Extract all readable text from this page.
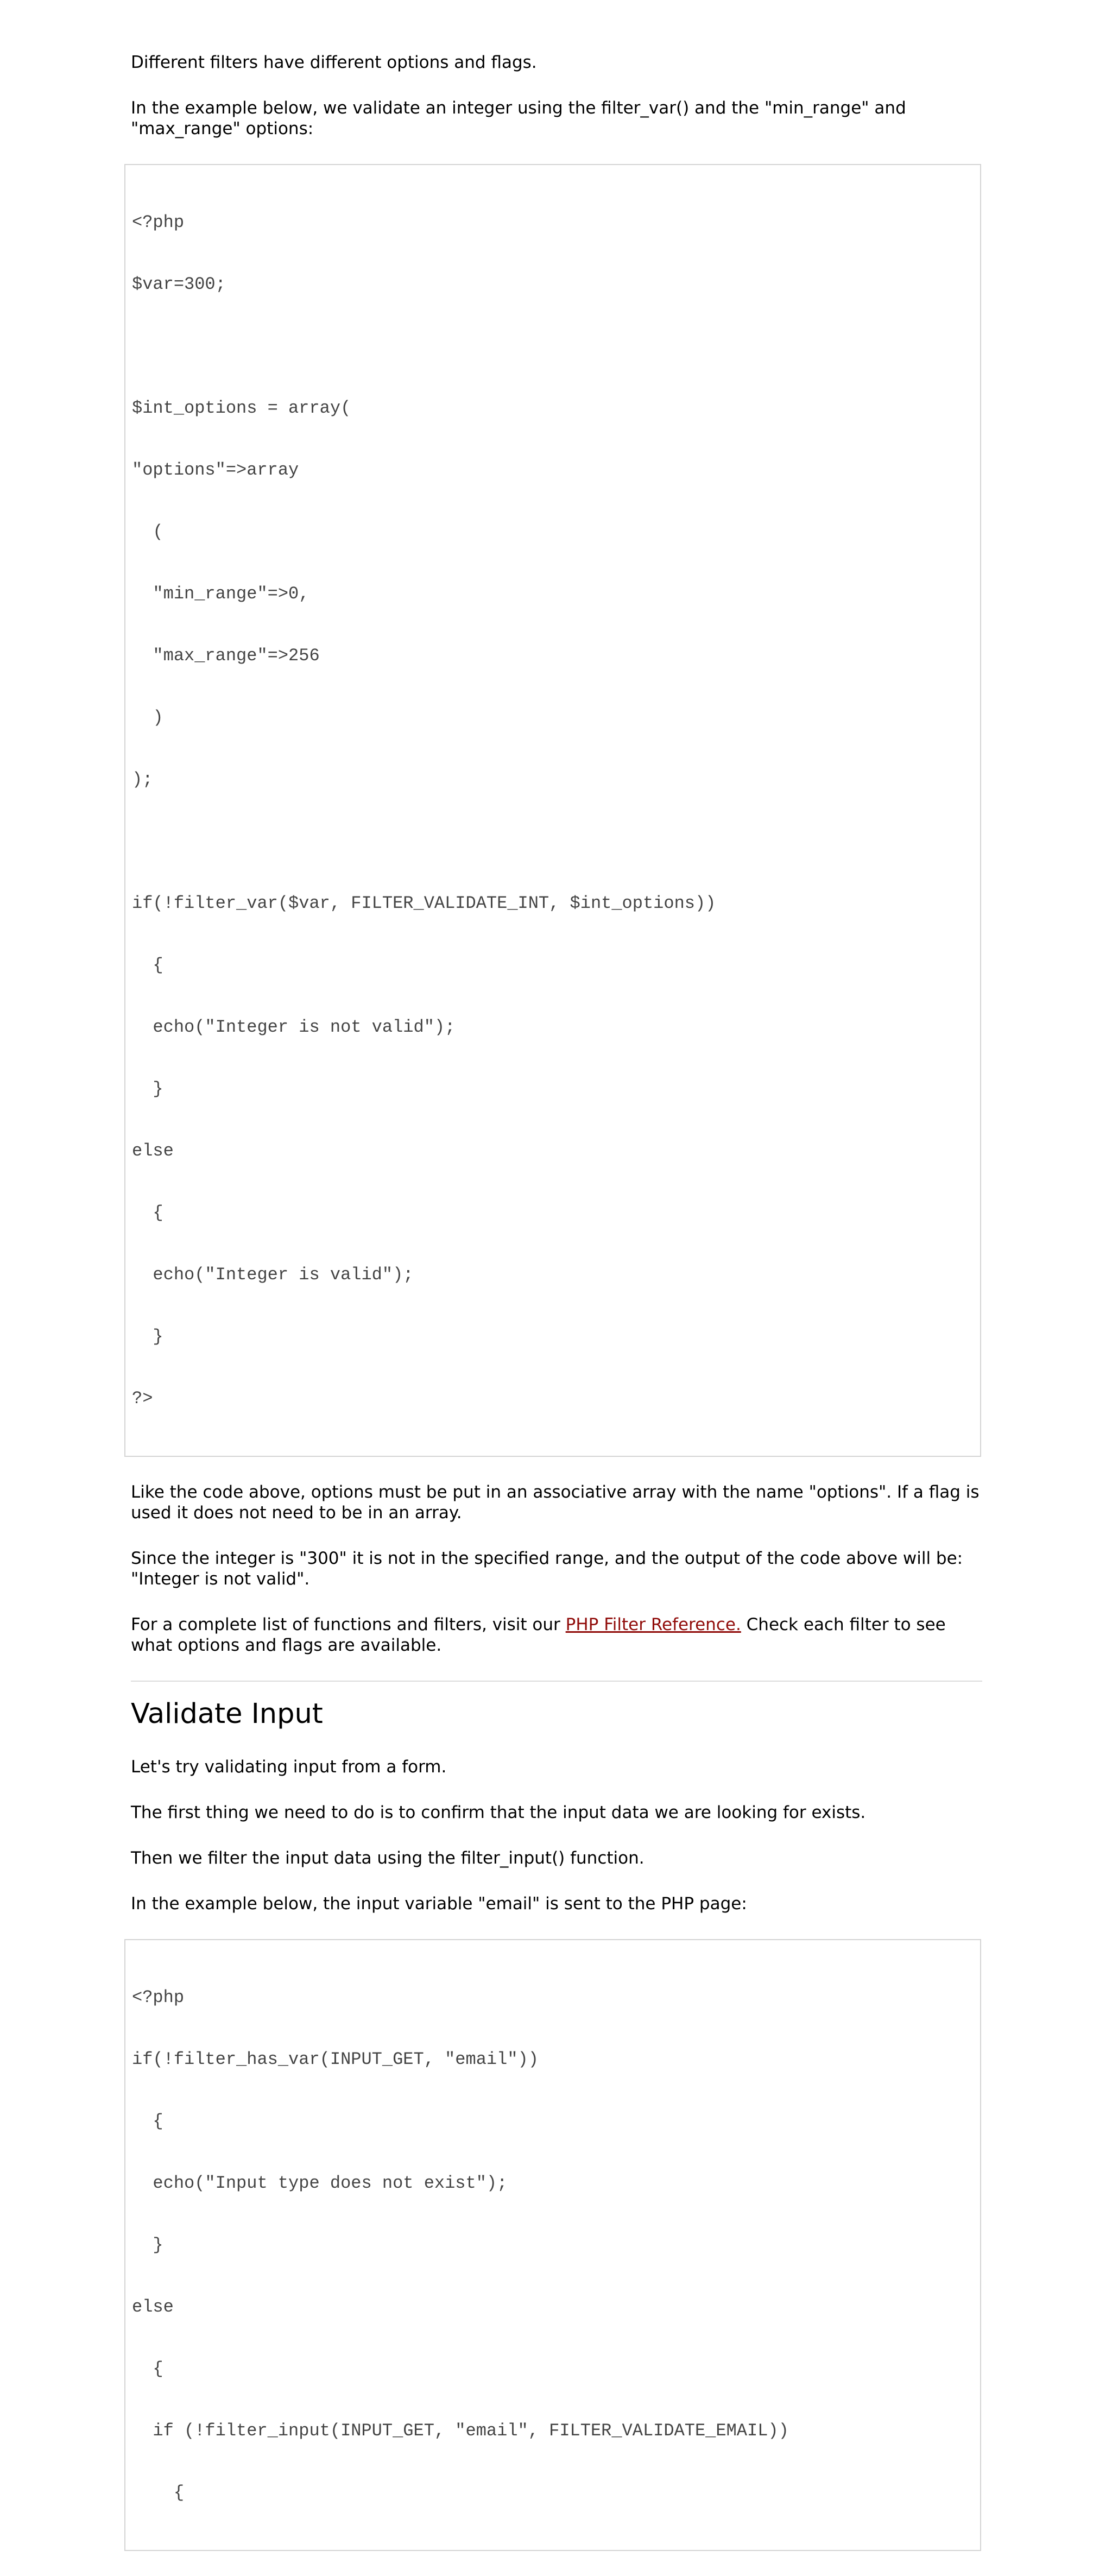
Different filters have different options and flags.

In the example below, we validate an integer using the filter_var() and the "min_range" and "max_range" options:

<?php

$var=300;

$int_options = array(

"options"=>array

(

"min_range"=>0,

"max_range"=>256

)

);

if(!filter_var($var, FILTER_VALIDATE_INT, $int_options))

{

echo("Integer is not valid");

}

else

{

echo("Integer is valid");

}

?>

Like the code above, options must be put in an associative array with the name "options". If a flag is used it does not need to be in an array.

Since the integer is "300" it is not in the specified range, and the output of the code above will be: "Integer is not valid".

For a complete list of functions and filters, visit our PHP Filter Reference. Check each filter to see what options and flags are available.

Validate Input

Let's try validating input from a form.

The first thing we need to do is to confirm that the input data we are looking for exists.

Then we filter the input data using the filter_input() function.

In the example below, the input variable "email" is sent to the PHP page:

<?php

if(!filter_has_var(INPUT_GET, "email"))

{

echo("Input type does not exist");

}

else

{

if (!filter_input(INPUT_GET, "email", FILTER_VALIDATE_EMAIL))

{
